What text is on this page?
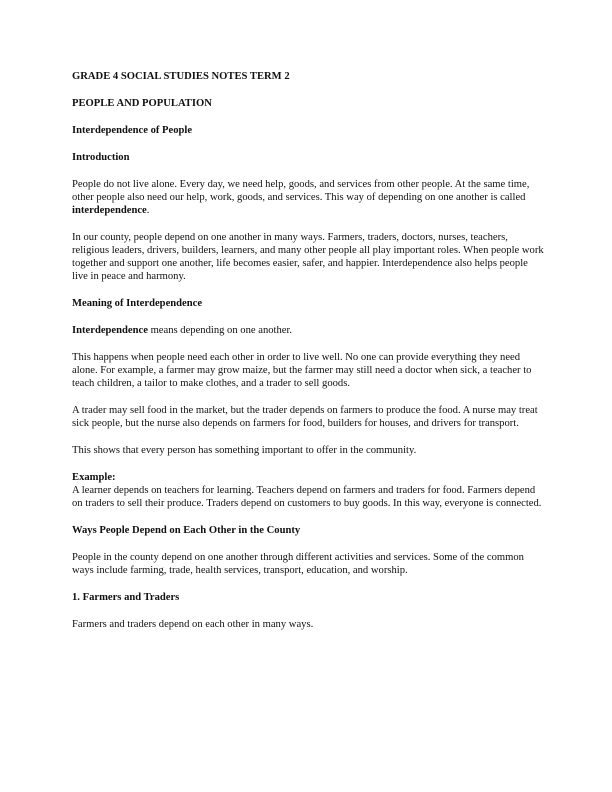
GRADE 4 SOCIAL STUDIES NOTES TERM 2
PEOPLE AND POPULATION
Interdependence of People
Introduction
People do not live alone. Every day, we need help, goods, and services from other people. At the same time, other people also need our help, work, goods, and services. This way of depending on one another is called interdependence.
In our county, people depend on one another in many ways. Farmers, traders, doctors, nurses, teachers, religious leaders, drivers, builders, learners, and many other people all play important roles. When people work together and support one another, life becomes easier, safer, and happier. Interdependence also helps people live in peace and harmony.
Meaning of Interdependence
Interdependence means depending on one another.
This happens when people need each other in order to live well. No one can provide everything they need alone. For example, a farmer may grow maize, but the farmer may still need a doctor when sick, a teacher to teach children, a tailor to make clothes, and a trader to sell goods.
A trader may sell food in the market, but the trader depends on farmers to produce the food. A nurse may treat sick people, but the nurse also depends on farmers for food, builders for houses, and drivers for transport.
This shows that every person has something important to offer in the community.
Example:
A learner depends on teachers for learning. Teachers depend on farmers and traders for food. Farmers depend on traders to sell their produce. Traders depend on customers to buy goods. In this way, everyone is connected.
Ways People Depend on Each Other in the County
People in the county depend on one another through different activities and services. Some of the common ways include farming, trade, health services, transport, education, and worship.
1. Farmers and Traders
Farmers and traders depend on each other in many ways.
